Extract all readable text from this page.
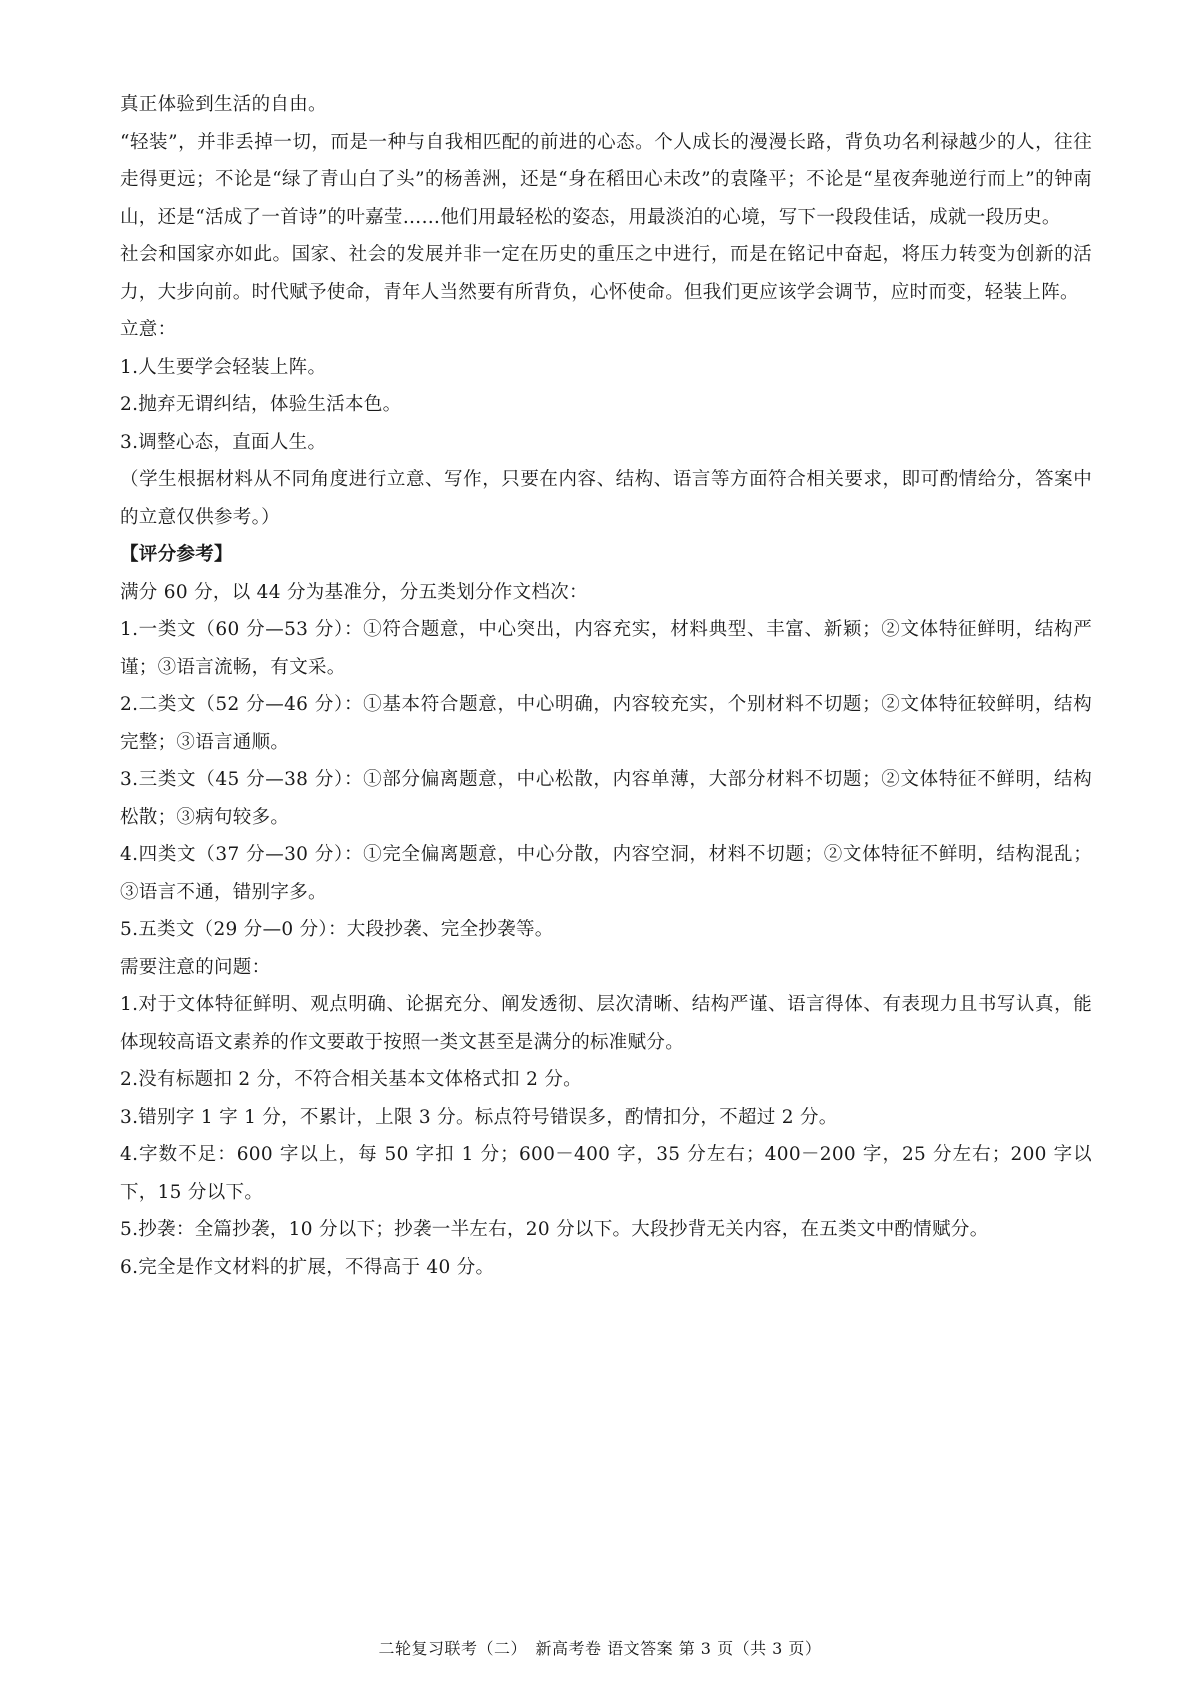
真正体验到生活的自由。

“轻装”，并非丢掉一切，而是一种与自我相匹配的前进的心态。个人成长的漫漫长路，背负功名利禄越少的人，往往走得更远；不论是“绿了青山白了头”的杨善洲，还是“身在稻田心未改”的袁隆平；不论是“星夜奔驰逆行而上”的钟南山，还是“活成了一首诗”的叶嘉莹……他们用最轻松的姿态，用最淡泊的心境，写下一段段佳话，成就一段历史。

社会和国家亦如此。国家、社会的发展并非一定在历史的重压之中进行，而是在铭记中奋起，将压力转变为创新的活力，大步向前。时代赋予使命，青年人当然要有所背负，心怀使命。但我们更应该学会调节，应时而变，轻装上阵。

立意：

1.人生要学会轻装上阵。

2.抛弃无谓纠结，体验生活本色。

3.调整心态，直面人生。

（学生根据材料从不同角度进行立意、写作，只要在内容、结构、语言等方面符合相关要求，即可酌情给分，答案中的立意仅供参考。）

【评分参考】

满分 60 分，以 44 分为基准分，分五类划分作文档次：

1.一类文（60 分—53 分）：①符合题意，中心突出，内容充实，材料典型、丰富、新颖；②文体特征鲜明，结构严谨；③语言流畅，有文采。

2.二类文（52 分—46 分）：①基本符合题意，中心明确，内容较充实，个别材料不切题；②文体特征较鲜明，结构完整；③语言通顺。

3.三类文（45 分—38 分）：①部分偏离题意，中心松散，内容单薄，大部分材料不切题；②文体特征不鲜明，结构松散；③病句较多。

4.四类文（37 分—30 分）：①完全偏离题意，中心分散，内容空洞，材料不切题；②文体特征不鲜明，结构混乱；③语言不通，错别字多。

5.五类文（29 分—0 分）：大段抄袭、完全抄袭等。

需要注意的问题：

1.对于文体特征鲜明、观点明确、论据充分、阐发透彻、层次清晰、结构严谨、语言得体、有表现力且书写认真，能体现较高语文素养的作文要敢于按照一类文甚至是满分的标准赋分。

2.没有标题扣 2 分，不符合相关基本文体格式扣 2 分。

3.错别字 1 字 1 分，不累计，上限 3 分。标点符号错误多，酌情扣分，不超过 2 分。

4.字数不足：600 字以上，每 50 字扣 1 分；600－400 字，35 分左右；400－200 字，25 分左右；200 字以下，15 分以下。

5.抄袭：全篇抄袭，10 分以下；抄袭一半左右，20 分以下。大段抄背无关内容，在五类文中酌情赋分。

6.完全是作文材料的扩展，不得高于 40 分。

二轮复习联考（二）　新高考卷 语文答案 第 3 页（共 3 页）
